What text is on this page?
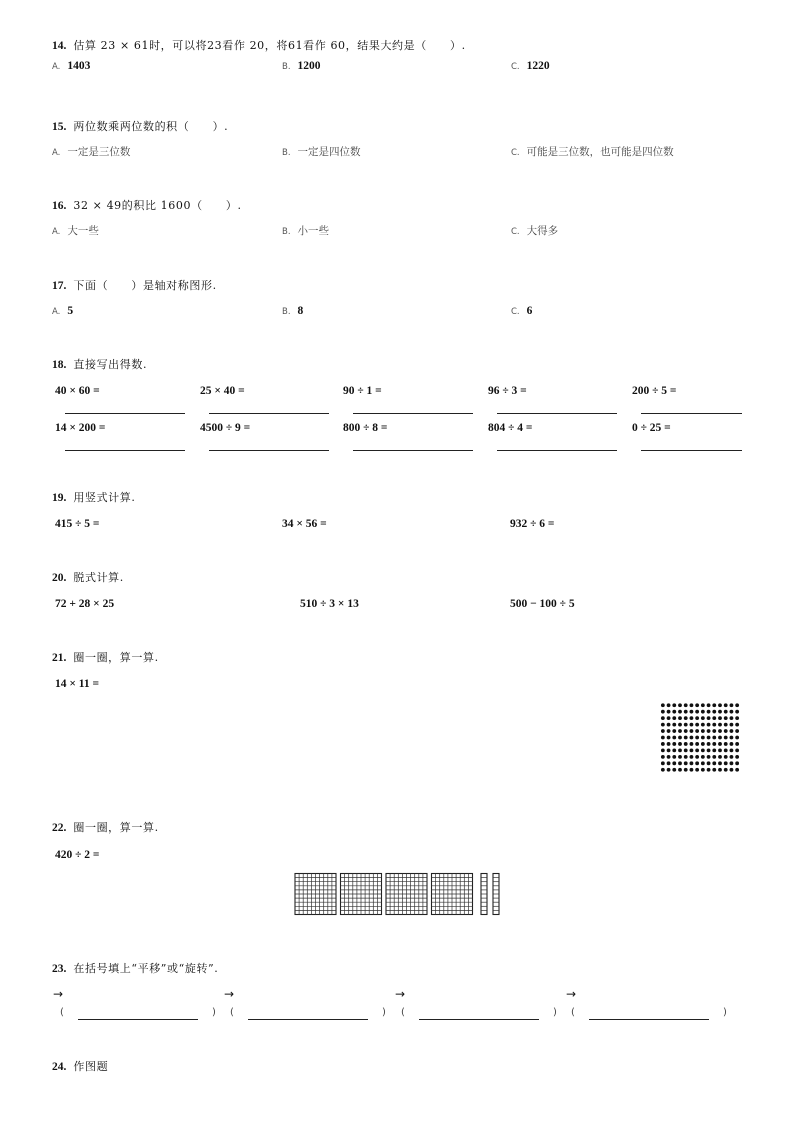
14. 估算 23 × 61时，可以将23看作 20，将61看作 60，结果大约是（　　）.
A. 1403	B. 1200	C. 1220
15. 两位数乘两位数的积（　　）.
A. 一定是三位数	B. 一定是四位数	C. 可能是三位数，也可能是四位数
16. 32 × 49的积比 1600（　　）.
A. 大一些	B. 小一些	C. 大得多
17. 下面（　　）是轴对称图形.
A. 5	B. 8	C. 6
18. 直接写出得数.
40 × 60 =	25 × 40 =	90 ÷ 1 =	96 ÷ 3 =	200 ÷ 5 =
14 × 200 =	4500 ÷ 9 =	800 ÷ 8 =	804 ÷ 4 =	0 ÷ 25 =
19. 用竖式计算.
415 ÷ 5 =	34 × 56 =	932 ÷ 6 =
20. 脱式计算.
72 + 28 × 25	510 ÷ 3 × 13	500 − 100 ÷ 5
21. 圈一圈，算一算.
14 × 11 =
22. 圈一圈，算一算.
420 ÷ 2 =
23. 在括号填上“平移”或“旋转”.
→
(	)
→
(	)
→
(	)
→
(	)
24. 作图题
